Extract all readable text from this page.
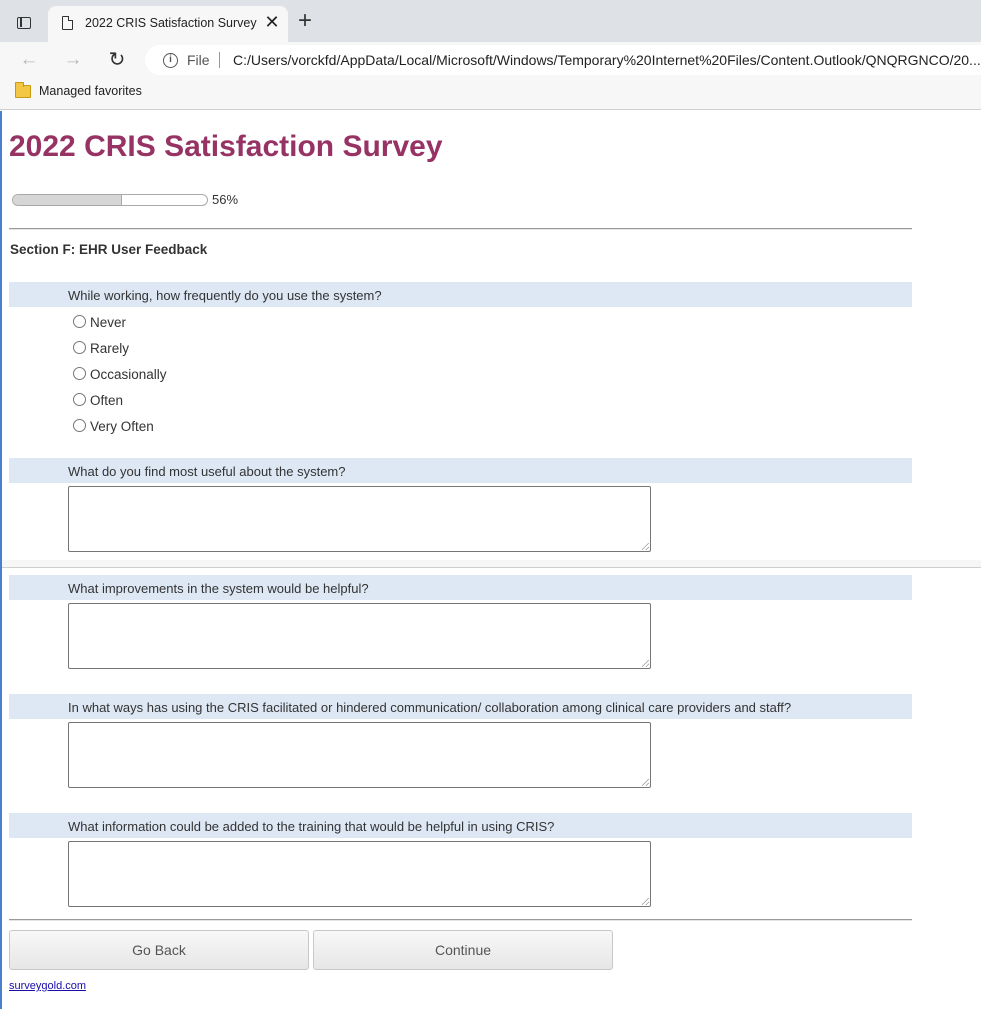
2022 CRIS Satisfaction Survey ✕ +
← → ↻	i	File C:/Users/vorckfd/AppData/Local/Microsoft/Windows/Temporary%20Internet%20Files/Content.Outlook/QNQRGNCO/20...
Managed favorites
2022 CRIS Satisfaction Survey
56%
Section F: EHR User Feedback
While working, how frequently do you use the system?
Never
Rarely
Occasionally
Often
Very Often
What do you find most useful about the system?
What improvements in the system would be helpful?
In what ways has using the CRIS facilitated or hindered communication/ collaboration among clinical care providers and staff?
What information could be added to the training that would be helpful in using CRIS?
Go Back	Continue
surveygold.com
